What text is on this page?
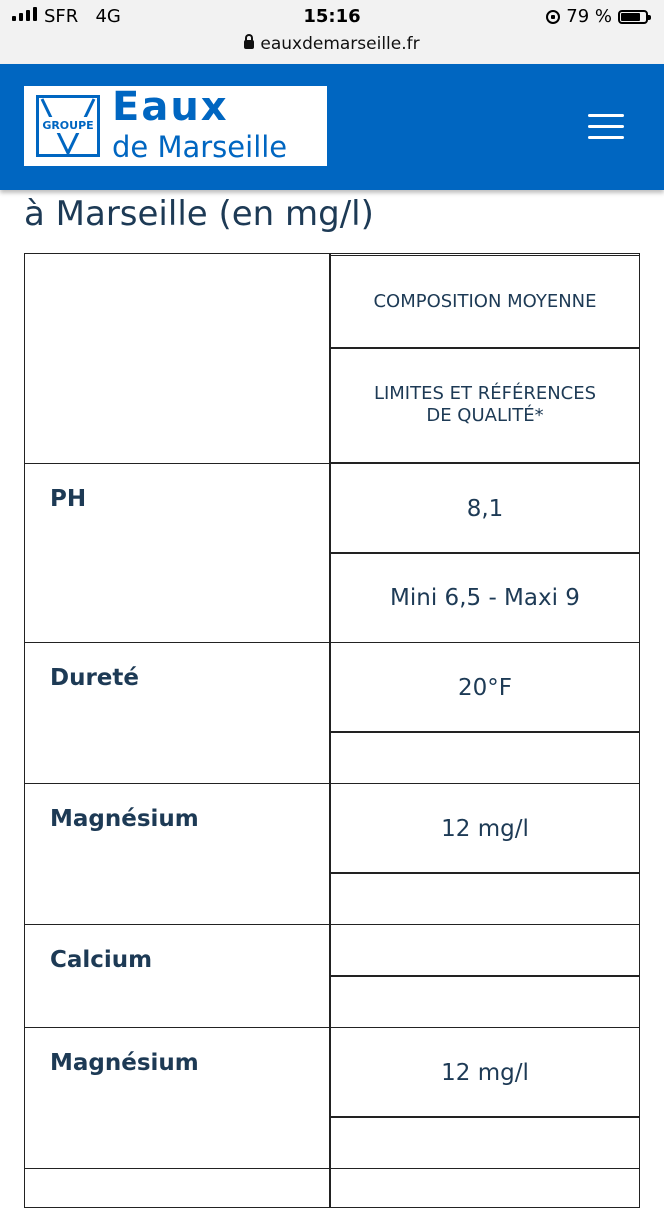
SFR 4G	15:16	79 %
eauxdemarseille.fr
GROUPE Eaux
de Marseille
à Marseille (en mg/l)
COMPOSITION MOYENNE
LIMITES ET RÉFÉRENCES DE QUALITÉ*
PH	8,1
Mini 6,5 - Maxi 9
Dureté	20°F
Magnésium	12 mg/l
Calcium
Magnésium	12 mg/l
